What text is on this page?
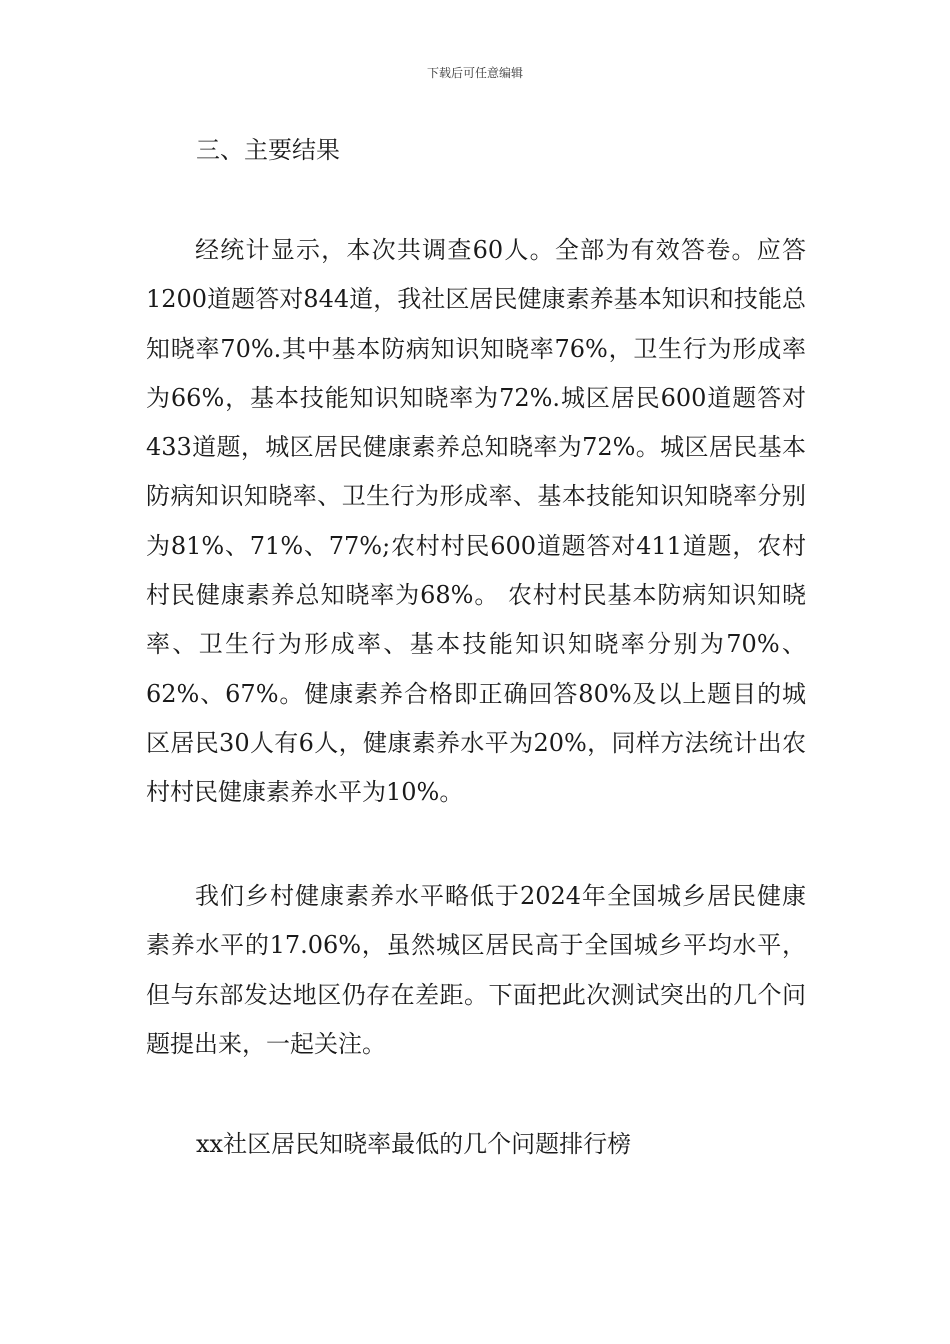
下载后可任意编辑
三、主要结果

经统计显示，本次共调查60人。全部为有效答卷。应答1200道题答对844道，我社区居民健康素养基本知识和技能总知晓率70%.其中基本防病知识知晓率76%，卫生行为形成率为66%，基本技能知识知晓率为72%.城区居民600道题答对433道题，城区居民健康素养总知晓率为72%。城区居民基本防病知识知晓率、卫生行为形成率、基本技能知识知晓率分别为81%、71%、77%;农村村民600道题答对411道题，农村村民健康素养总知晓率为68%。 农村村民基本防病知识知晓率、卫生行为形成率、基本技能知识知晓率分别为70%、62%、67%。健康素养合格即正确回答80%及以上题目的城区居民30人有6人，健康素养水平为20%，同样方法统计出农村村民健康素养水平为10%。

我们乡村健康素养水平略低于2024年全国城乡居民健康素养水平的17.06%，虽然城区居民高于全国城乡平均水平，但与东部发达地区仍存在差距。下面把此次测试突出的几个问题提出来，一起关注。

xx社区居民知晓率最低的几个问题排行榜
